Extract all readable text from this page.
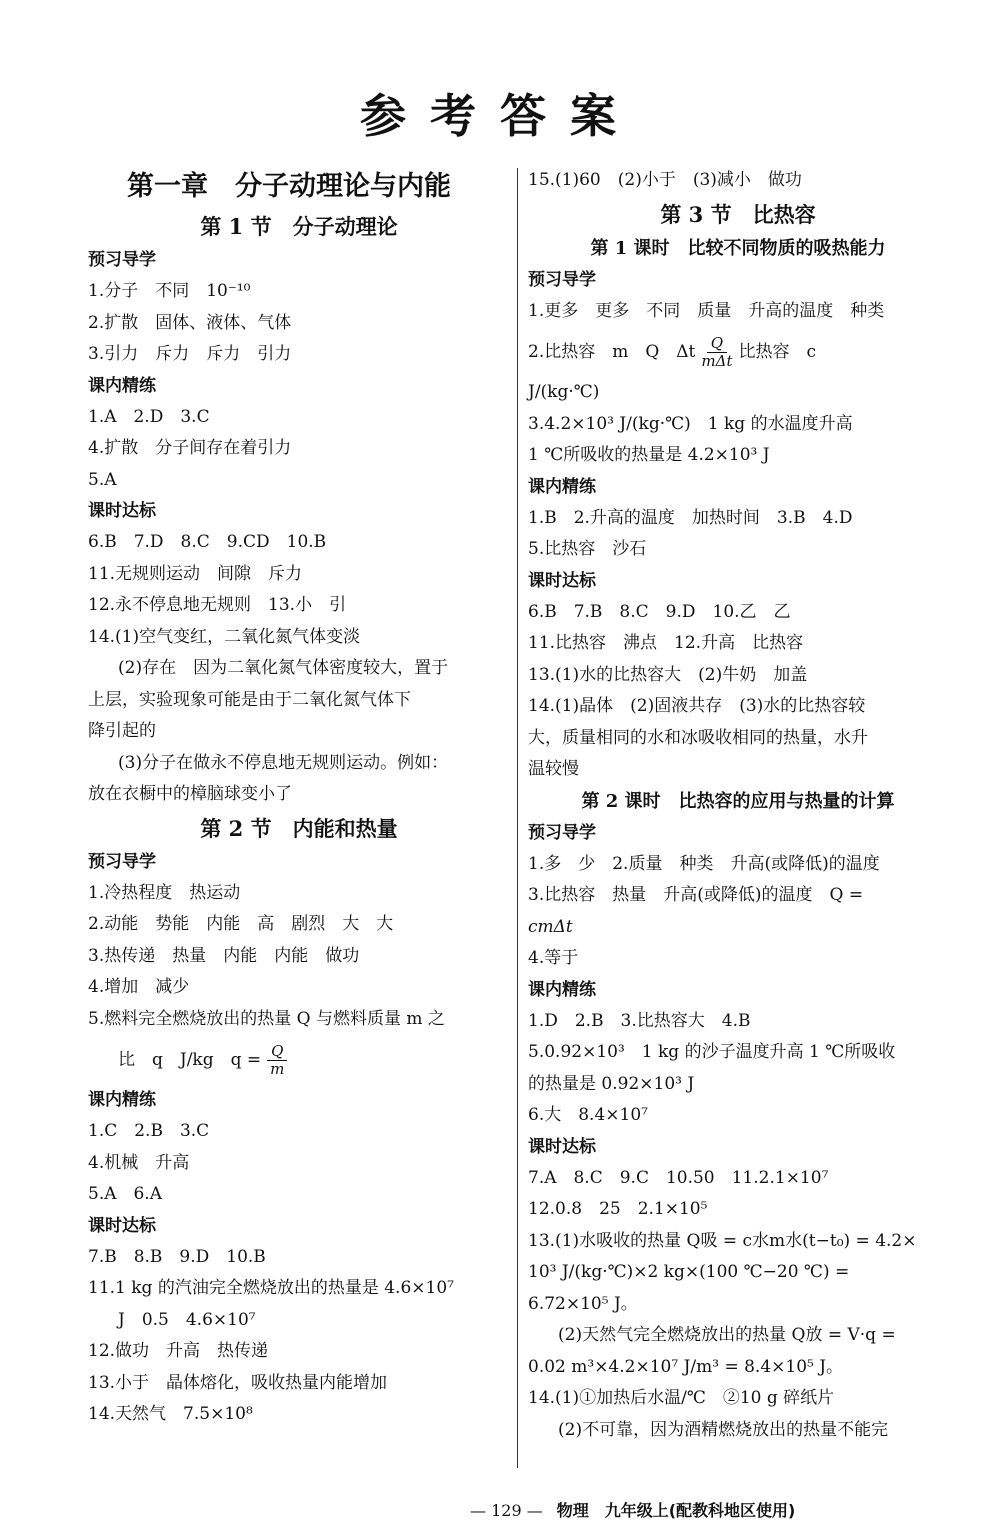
参考答案
第一章　分子动理论与内能
第 1 节　分子动理论
预习导学
1.分子　不同　10⁻¹⁰
2.扩散　固体、液体、气体
3.引力　斥力　斥力　引力
课内精练
1.A　2.D　3.C
4.扩散　分子间存在着引力
5.A
课时达标
6.B　7.D　8.C　9.CD　10.B
11.无规则运动　间隙　斥力
12.永不停息地无规则　13.小　引
14.(1)空气变红，二氧化氮气体变淡
(2)存在　因为二氧化氮气体密度较大，置于
上层，实验现象可能是由于二氧化氮气体下
降引起的
(3)分子在做永不停息地无规则运动。例如：
放在衣橱中的樟脑球变小了
第 2 节　内能和热量
预习导学
1.冷热程度　热运动
2.动能　势能　内能　高　剧烈　大　大
3.热传递　热量　内能　内能　做功
4.增加　减少
5.燃料完全燃烧放出的热量 Q 与燃料质量 m 之
比　q　J/kg　$q = \frac{Q}{m}$
课内精练
1.C　2.B　3.C
4.机械　升高
5.A　6.A
课时达标
7.B　8.B　9.D　10.B
11.1 kg 的汽油完全燃烧放出的热量是 4.6×10⁷
J　0.5　4.6×10⁷
12.做功　升高　热传递
13.小于　晶体熔化，吸收热量内能增加
14.天然气　7.5×10⁸
15.(1)60　(2)小于　(3)减小　做功
第 3 节　比热容
第 1 课时　比较不同物质的吸热能力
预习导学
1.更多　更多　不同　质量　升高的温度　种类
2.比热容　m　Q　Δt $\frac{Q}{\text{mΔt}}$ 比热容　c
J/(kg·℃)
3.4.2×10³ J/(kg·℃)　1 kg 的水温度升高
1 ℃所吸收的热量是 4.2×10³ J
课内精练
1.B　2.升高的温度　加热时间　3.B　4.D
5.比热容　沙石
课时达标
6.B　7.B　8.C　9.D　10.乙　乙
11.比热容　沸点　12.升高　比热容
13.(1)水的比热容大　(2)牛奶　加盖
14.(1)晶体　(2)固液共存　(3)水的比热容较
大，质量相同的水和冰吸收相同的热量，水升
温较慢
第 2 课时　比热容的应用与热量的计算
预习导学
1.多　少　2.质量　种类　升高(或降低)的温度
3.比热容　热量　升高(或降低)的温度　Q =
cmΔt
4.等于
课内精练
1.D　2.B　3.比热容大　4.B
5.0.92×10³　1 kg 的沙子温度升高 1 ℃所吸收
的热量是 0.92×10³ J
6.大　8.4×10⁷
课时达标
7.A　8.C　9.C　10.50　11.2.1×10⁷
12.0.8　25　2.1×10⁵
13.(1)水吸收的热量 Q吸 = c水m水(t−t₀) = 4.2×
10³ J/(kg·℃)×2 kg×(100 ℃−20 ℃) =
6.72×10⁵ J。
(2)天然气完全燃烧放出的热量 Q放 = V·q =
0.02 m³×4.2×10⁷ J/m³ = 8.4×10⁵ J。
14.(1)①加热后水温/℃　②10 g 碎纸片
(2)不可靠，因为酒精燃烧放出的热量不能完
— 129 — 物理　九年级上(配教科地区使用)
